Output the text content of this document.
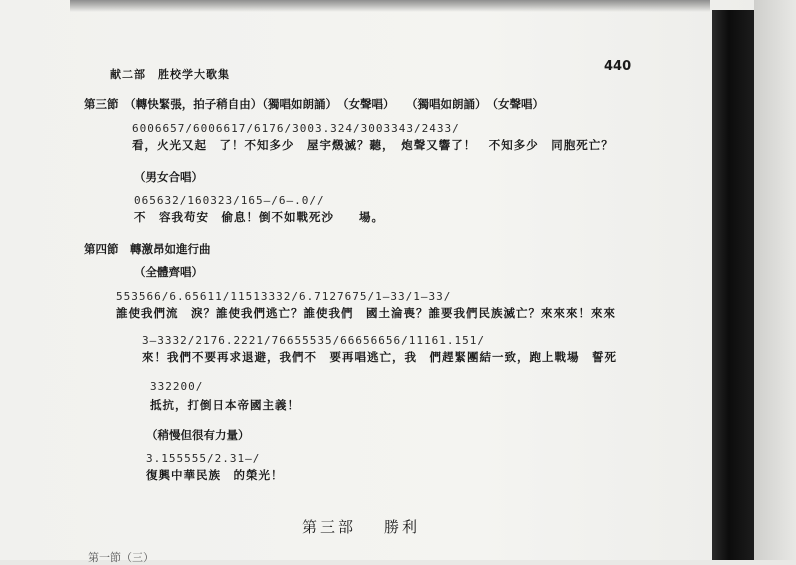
献二部　胜校学大歌集
440
第三節　（轉快緊張，拍子稍自由）（獨唱如朗誦）　（女聲唱）　　（獨唱如朗誦）　（女聲唱）
6006657/6006617/6176/3003.324/3003343/2433/
看，火光又起　了！不知多少　屋宇燬滅？聽，　炮聲又響了！　不知多少　同胞死亡？
（男女合唱）
065632/160323/165—/6—.0//
不　容我苟安　偷息！倒不如戰死沙　　場。
第四節　轉激昂如進行曲
（全體齊唱）
553566/6.65611/11513332/6.7127675/1—33/1—33/
誰使我們流　淚？誰使我們逃亡？誰使我們　國土淪喪？誰要我們民族滅亡？來來來！來來
3—3332/2176.2221/76655535/66656656/11161.151/
來！我們不要再求退避，我們不　要再唱逃亡，我　們趕緊團結一致，跑上戰場　誓死
332200/
抵抗，打倒日本帝國主義！
（稍慢但很有力量）
3.155555/2.31—/
復興中華民族　的榮光！
第三部 勝利
第一節（三）
